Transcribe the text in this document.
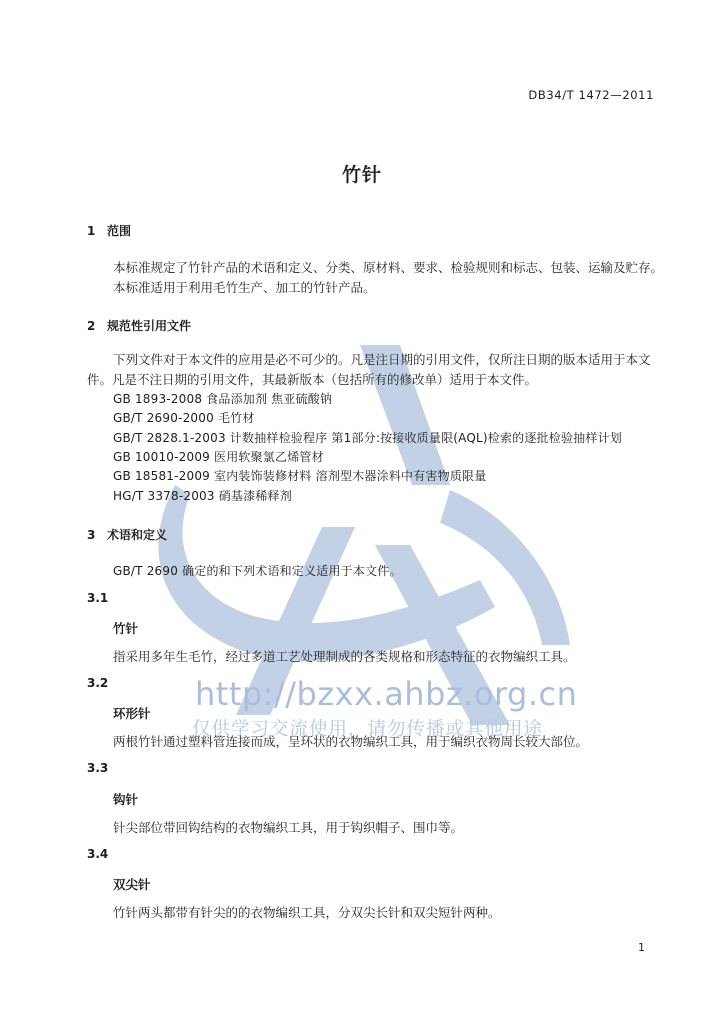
http://bzxx.ahbz.org.cn
仅供学习交流使用，请勿传播或其他用途
DB34/T 1472—2011
竹针
1 范围
本标准规定了竹针产品的术语和定义、分类、原材料、要求、检验规则和标志、包装、运输及贮存。
本标准适用于利用毛竹生产、加工的竹针产品。
2 规范性引用文件
下列文件对于本文件的应用是必不可少的。凡是注日期的引用文件，仅所注日期的版本适用于本文件。凡是不注日期的引用文件，其最新版本（包括所有的修改单）适用于本文件。
GB 1893-2008 食品添加剂 焦亚硫酸钠
GB/T 2690-2000 毛竹材
GB/T 2828.1-2003 计数抽样检验程序 第1部分:按接收质量限(AQL)检索的逐批检验抽样计划
GB 10010-2009 医用软聚氯乙烯管材
GB 18581-2009 室内装饰装修材料 溶剂型木器涂料中有害物质限量
HG/T 3378-2003 硝基漆稀释剂
3 术语和定义
GB/T 2690 确定的和下列术语和定义适用于本文件。
3.1
竹针
指采用多年生毛竹，经过多道工艺处理制成的各类规格和形态特征的衣物编织工具。
3.2
环形针
两根竹针通过塑料管连接而成，呈环状的衣物编织工具，用于编织衣物周长较大部位。
3.3
钩针
针尖部位带回钩结构的衣物编织工具，用于钩织帽子、围巾等。
3.4
双尖针
竹针两头都带有针尖的的衣物编织工具，分双尖长针和双尖短针两种。
1
